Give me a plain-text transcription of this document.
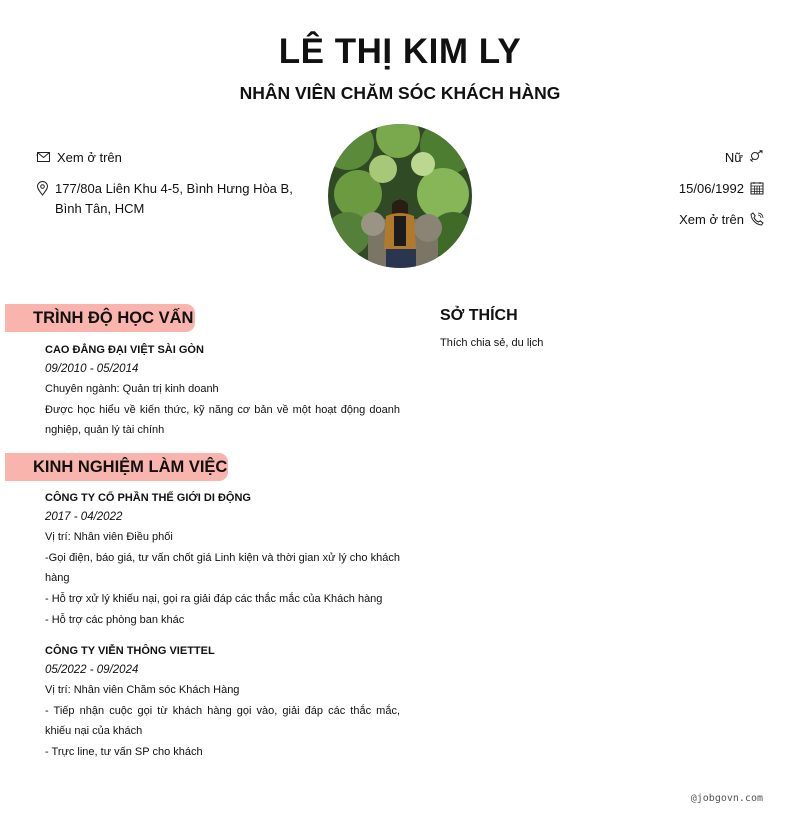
LÊ THỊ KIM LY
NHÂN VIÊN CHĂM SÓC KHÁCH HÀNG
Xem ở trên
177/80a Liên Khu 4-5, Bình Hưng Hòa B, Bình Tân, HCM
Nữ
15/06/1992
Xem ở trên
TRÌNH ĐỘ HỌC VẤN
CAO ĐẲNG ĐẠI VIỆT SÀI GÒN
09/2010 - 05/2014
Chuyên ngành: Quản trị kinh doanh
Được học hiểu về kiến thức, kỹ năng cơ bản về một hoạt động doanh nghiệp, quản lý tài chính
KINH NGHIỆM LÀM VIỆC
CÔNG TY CỔ PHẦN THẾ GIỚI DI ĐỘNG
2017 - 04/2022
Vị trí: Nhân viên Điều phối
-Gọi điện, báo giá, tư vấn chốt giá Linh kiện và thời gian xử lý cho khách hàng
- Hỗ trợ xử lý khiếu nại, gọi ra giải đáp các thắc mắc của Khách hàng
- Hỗ trợ các phòng ban khác
CÔNG TY VIỄN THÔNG VIETTEL
05/2022 - 09/2024
Vị trí: Nhân viên Chăm sóc Khách Hàng
- Tiếp nhận cuộc gọi từ khách hàng gọi vào, giải đáp các thắc mắc, khiếu nại của khách
- Trực line, tư vấn SP cho khách
SỞ THÍCH
Thích chia sẻ, du lịch
@jobgovn.com
